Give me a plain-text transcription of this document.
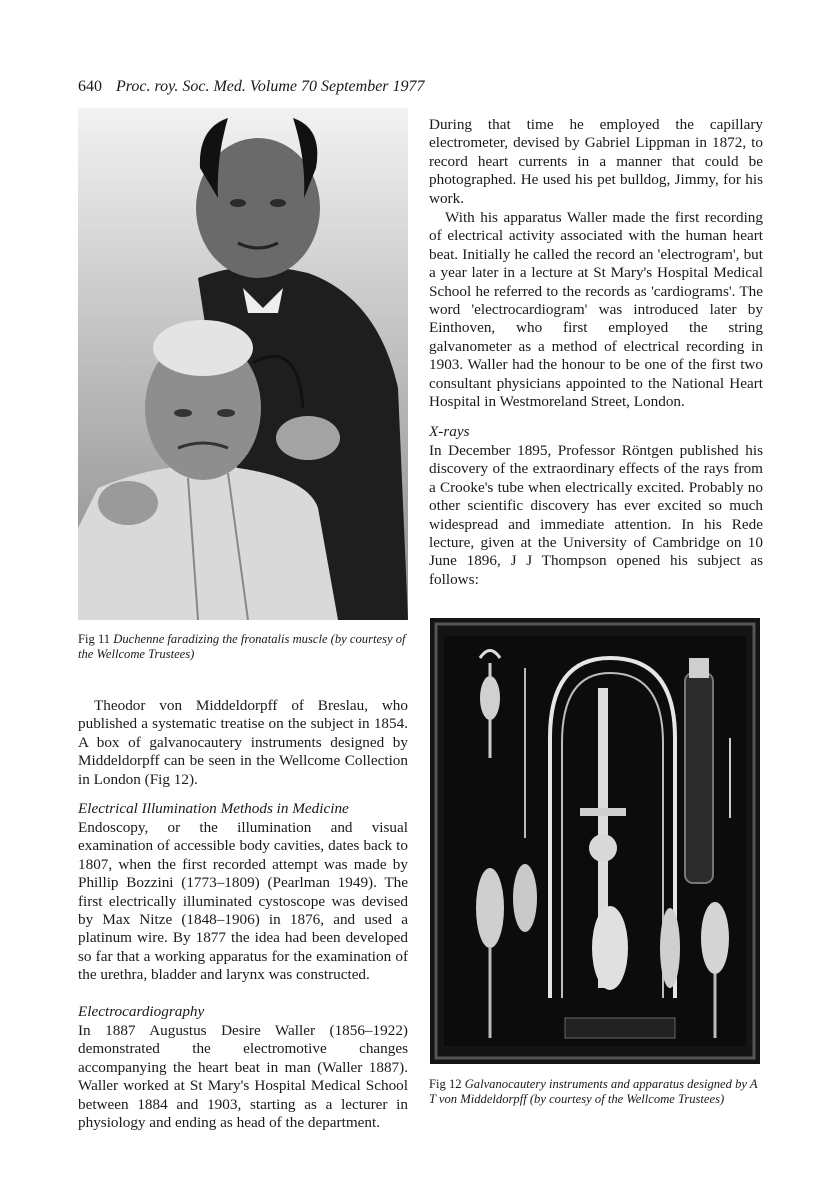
640 Proc. roy. Soc. Med. Volume 70 September 1977

Fig 11 Duchenne faradizing the fronatalis muscle (by courtesy of the Wellcome Trustees)

Theodor von Middeldorpff of Breslau, who published a systematic treatise on the subject in 1854. A box of galvanocautery instruments designed by Middeldorpff can be seen in the Wellcome Collection in London (Fig 12).

Electrical Illumination Methods in Medicine

Endoscopy, or the illumination and visual examination of accessible body cavities, dates back to 1807, when the first recorded attempt was made by Phillip Bozzini (1773–1809) (Pearlman 1949). The first electrically illuminated cystoscope was devised by Max Nitze (1848–1906) in 1876, and used a platinum wire. By 1877 the idea had been developed so far that a working apparatus for the examination of the urethra, bladder and larynx was constructed.

Electrocardiography

In 1887 Augustus Desire Waller (1856–1922) demonstrated the electromotive changes accompanying the heart beat in man (Waller 1887). Waller worked at St Mary's Hospital Medical School between 1884 and 1903, starting as a lecturer in physiology and ending as head of the department.

During that time he employed the capillary electrometer, devised by Gabriel Lippman in 1872, to record heart currents in a manner that could be photographed. He used his pet bulldog, Jimmy, for his work.

With his apparatus Waller made the first recording of electrical activity associated with the human heart beat. Initially he called the record an 'electrogram', but a year later in a lecture at St Mary's Hospital Medical School he referred to the records as 'cardiograms'. The word 'electrocardiogram' was introduced later by Einthoven, who first employed the string galvanometer as a method of electrical recording in 1903. Waller had the honour to be one of the first two consultant physicians appointed to the National Heart Hospital in Westmoreland Street, London.

X-rays

In December 1895, Professor Röntgen published his discovery of the extraordinary effects of the rays from a Crooke's tube when electrically excited. Probably no other scientific discovery has ever excited so much widespread and immediate attention. In his Rede lecture, given at the University of Cambridge on 10 June 1896, J J Thompson opened his subject as follows:

Fig 12 Galvanocautery instruments and apparatus designed by A T von Middeldorpff (by courtesy of the Wellcome Trustees)
